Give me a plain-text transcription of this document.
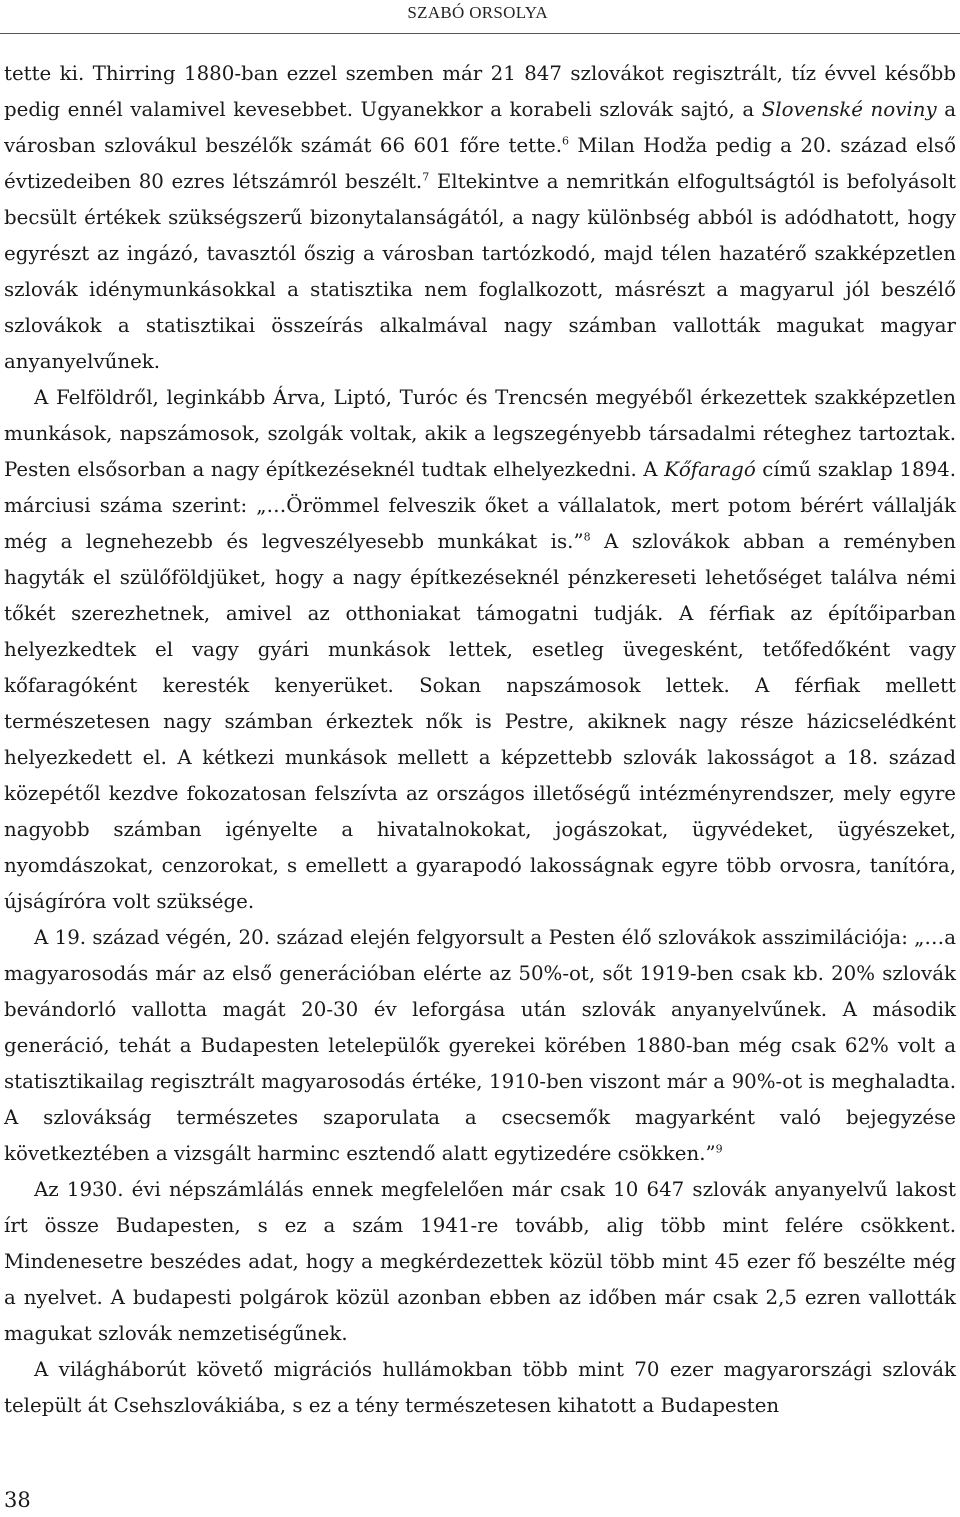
SZABÓ ORSOLYA

tette ki. Thirring 1880-ban ezzel szemben már 21 847 szlovákot regisztrált, tíz évvel később pedig ennél valamivel kevesebbet. Ugyanekkor a korabeli szlovák sajtó, a Slovenské noviny a városban szlovákul beszélők számát 66 601 főre tette.$^6$ Milan Hodža pedig a 20. század első évtizedeiben 80 ezres létszámról beszélt.$^7$ Eltekintve a nemritkán elfogultságtól is befolyásolt becsült értékek szükségszerű bizonytalanságától, a nagy különbség abból is adódhatott, hogy egyrészt az ingázó, tavasztól őszig a városban tartózkodó, majd télen hazatérő szakképzetlen szlovák idénymunkásokkal a statisztika nem foglalkozott, másrészt a magyarul jól beszélő szlovákok a statisztikai összeírás alkalmával nagy számban vallották magukat magyar anyanyelvűnek.

A Felföldről, leginkább Árva, Liptó, Turóc és Trencsén megyéből érkezettek szakképzetlen munkások, napszámosok, szolgák voltak, akik a legszegényebb társadalmi réteghez tartoztak. Pesten elsősorban a nagy építkezéseknél tudtak elhelyezkedni. A Kőfaragó című szaklap 1894. márciusi száma szerint: „…Örömmel felveszik őket a vállalatok, mert potom bérért vállalják még a legnehezebb és legveszélyesebb munkákat is.”$^8$ A szlovákok abban a reményben hagyták el szülőföldjüket, hogy a nagy építkezéseknél pénzkereseti lehetőséget találva némi tőkét szerezhetnek, amivel az otthoniakat támogatni tudják. A férfiak az építőiparban helyezkedtek el vagy gyári munkások lettek, esetleg üvegesként, tetőfedőként vagy kőfaragóként keresték kenyerüket. Sokan napszámosok lettek. A férfiak mellett természetesen nagy számban érkeztek nők is Pestre, akiknek nagy része házicselédként helyezkedett el. A kétkezi munkások mellett a képzettebb szlovák lakosságot a 18. század közepétől kezdve fokozatosan felszívta az országos illetőségű intézményrendszer, mely egyre nagyobb számban igényelte a hivatalnokokat, jogászokat, ügyvédeket, ügyészeket, nyomdászokat, cenzorokat, s emellett a gyarapodó lakosságnak egyre több orvosra, tanítóra, újságíróra volt szüksége.

A 19. század végén, 20. század elején felgyorsult a Pesten élő szlovákok asszimilációja: „…a magyarosodás már az első generációban elérte az 50%-ot, sőt 1919-ben csak kb. 20% szlovák bevándorló vallotta magát 20-30 év leforgása után szlovák anyanyelvűnek. A második generáció, tehát a Budapesten letelepülők gyerekei körében 1880-ban még csak 62% volt a statisztikailag regisztrált magyarosodás értéke, 1910-ben viszont már a 90%-ot is meghaladta. A szlovákság természetes szaporulata a csecsemők magyarként való bejegyzése következtében a vizsgált harminc esztendő alatt egytizedére csökken.”$^9$

Az 1930. évi népszámlálás ennek megfelelően már csak 10 647 szlovák anyanyelvű lakost írt össze Budapesten, s ez a szám 1941-re tovább, alig több mint felére csökkent. Mindenesetre beszédes adat, hogy a megkérdezettek közül több mint 45 ezer fő beszélte még a nyelvet. A budapesti polgárok közül azonban ebben az időben már csak 2,5 ezren vallották magukat szlovák nemzetiségűnek.

A világháborút követő migrációs hullámokban több mint 70 ezer magyarországi szlovák települt át Csehszlovákiába, s ez a tény természetesen kihatott a Budapesten

38
